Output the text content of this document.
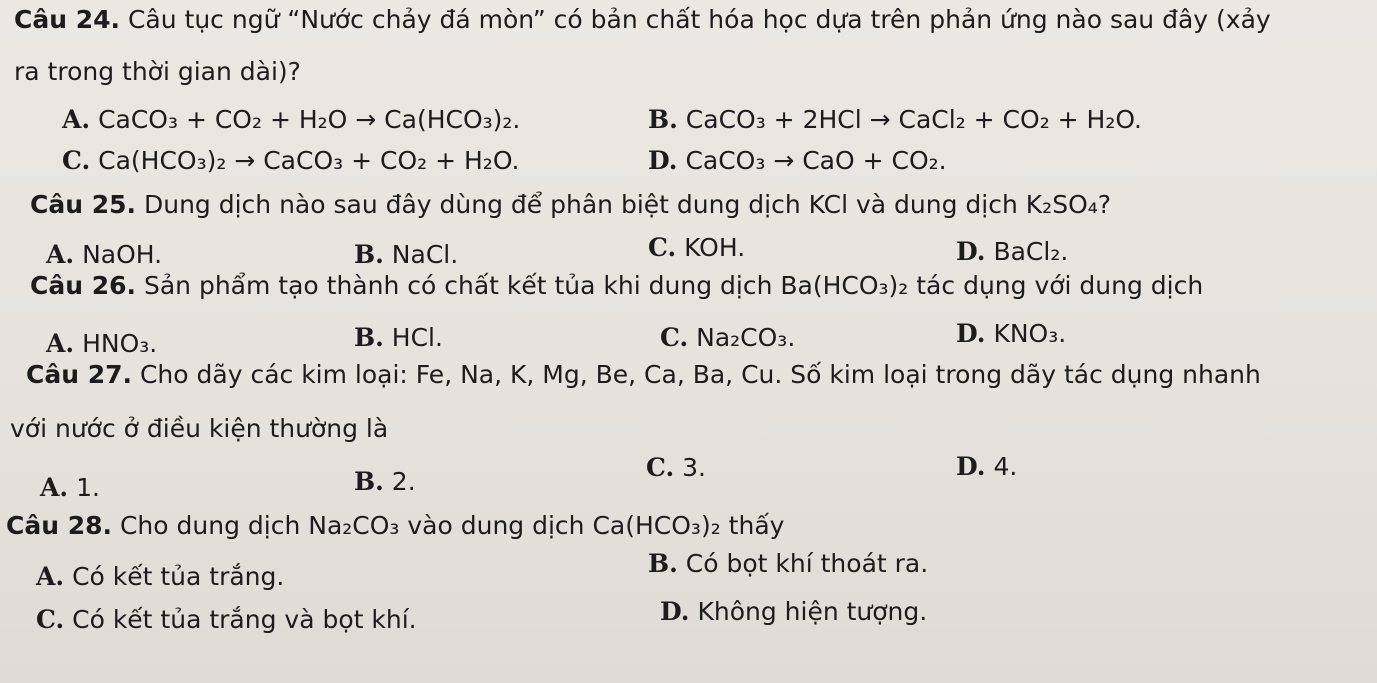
Câu 24. Câu tục ngữ “Nước chảy đá mòn” có bản chất hóa học dựa trên phản ứng nào sau đây (xảy
ra trong thời gian dài)?
A. CaCO₃ + CO₂ + H₂O → Ca(HCO₃)₂.	B. CaCO₃ + 2HCl → CaCl₂ + CO₂ + H₂O.
C. Ca(HCO₃)₂ → CaCO₃ + CO₂ + H₂O.	D. CaCO₃ → CaO + CO₂.
Câu 25. Dung dịch nào sau đây dùng để phân biệt dung dịch KCl và dung dịch K₂SO₄?
A. NaOH.	B. NaCl.	C. KOH.	D. BaCl₂.
Câu 26. Sản phẩm tạo thành có chất kết tủa khi dung dịch Ba(HCO₃)₂ tác dụng với dung dịch
A. HNO₃.	B. HCl.	C. Na₂CO₃.	D. KNO₃.
Câu 27. Cho dãy các kim loại: Fe, Na, K, Mg, Be, Ca, Ba, Cu. Số kim loại trong dãy tác dụng nhanh
với nước ở điều kiện thường là
A. 1.	B. 2.	C. 3.	D. 4.
Câu 28. Cho dung dịch Na₂CO₃ vào dung dịch Ca(HCO₃)₂ thấy
A. Có kết tủa trắng.	B. Có bọt khí thoát ra.
C. Có kết tủa trắng và bọt khí.	D. Không hiện tượng.
